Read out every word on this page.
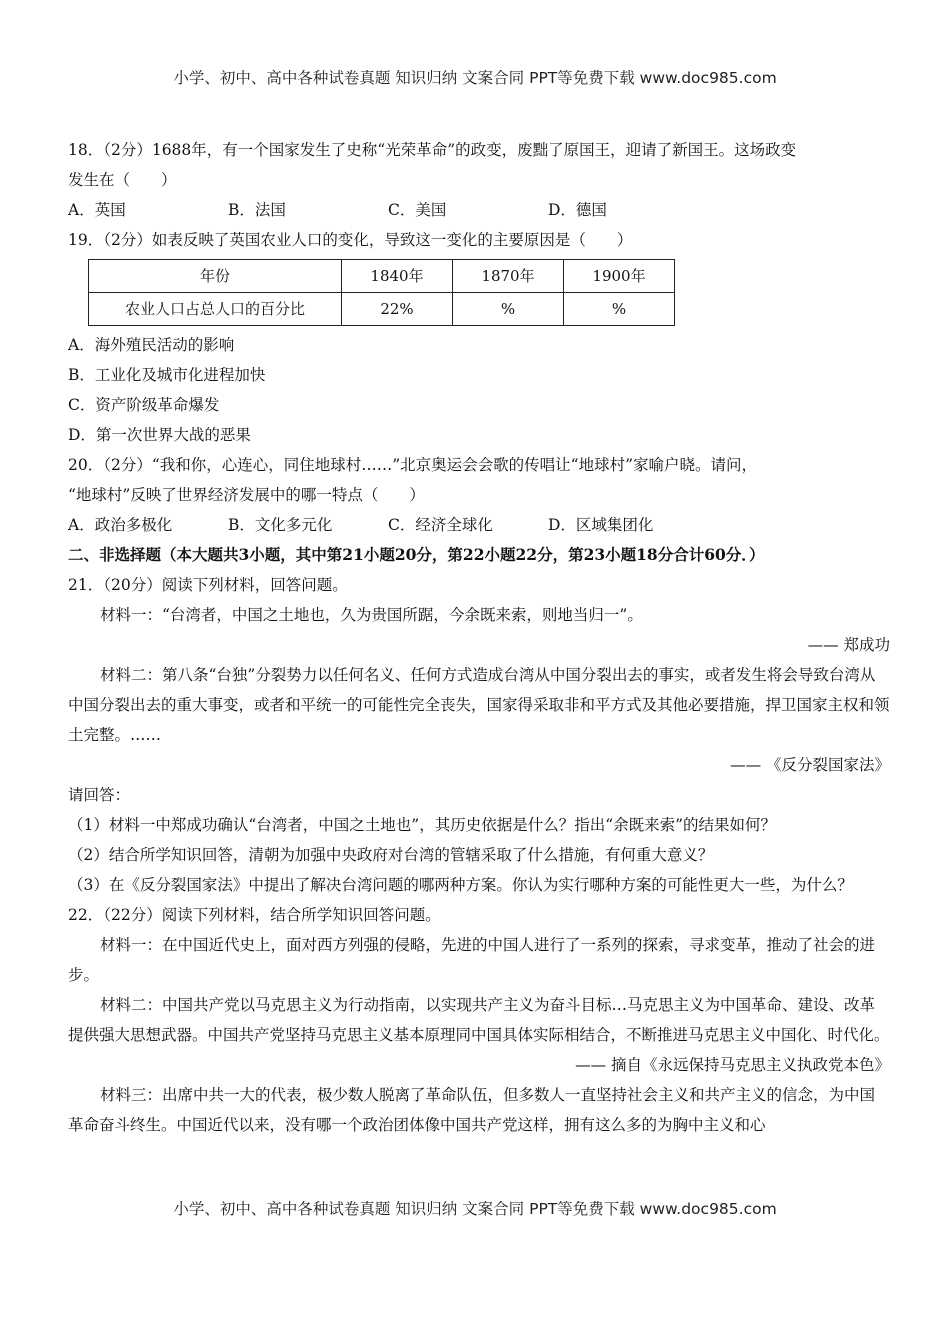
小学、初中、高中各种试卷真题 知识归纳 文案合同 PPT等免费下载 www.doc985.com
18．（2分）1688年，有一个国家发生了史称“光荣革命”的政变，废黜了原国王，迎请了新国王。这场政变
发生在（　　）
A．英国	B．法国	C．美国	D．德国
19．（2分）如表反映了英国农业人口的变化，导致这一变化的主要原因是（　　）
年份	1840年	1870年	1900年
农业人口占总人口的百分比	22%	%	%
A．海外殖民活动的影响
B．工业化及城市化进程加快
C．资产阶级革命爆发
D．第一次世界大战的恶果
20．（2分）“我和你，心连心，同住地球村……”北京奥运会会歌的传唱让“地球村”家喻户晓。请问，
“地球村”反映了世界经济发展中的哪一特点（　　）
A．政治多极化	B．文化多元化	C．经济全球化	D．区域集团化
二、非选择题（本大题共3小题，其中第21小题20分，第22小题22分，第23小题18分合计60分．）
21．（20分）阅读下列材料，回答问题。
材料一：“台湾者，中国之土地也，久为贵国所踞，今余既来索，则地当归一”。
—— 郑成功
材料二：第八条“台独”分裂势力以任何名义、任何方式造成台湾从中国分裂出去的事实，或者发生将会导致台湾从中国分裂出去的重大事变，或者和平统一的可能性完全丧失，国家得采取非和平方式及其他必要措施，捍卫国家主权和领土完整。……
—— 《反分裂国家法》
请回答：
（1）材料一中郑成功确认“台湾者，中国之土地也”，其历史依据是什么？指出“余既来索”的结果如何？
（2）结合所学知识回答，清朝为加强中央政府对台湾的管辖采取了什么措施，有何重大意义？
（3）在《反分裂国家法》中提出了解决台湾问题的哪两种方案。你认为实行哪种方案的可能性更大一些，为什么？
22．（22分）阅读下列材料，结合所学知识回答问题。
材料一：在中国近代史上，面对西方列强的侵略，先进的中国人进行了一系列的探索，寻求变革，推动了社会的进步。
材料二：中国共产党以马克思主义为行动指南，以实现共产主义为奋斗目标…马克思主义为中国革命、建设、改革提供强大思想武器。中国共产党坚持马克思主义基本原理同中国具体实际相结合，不断推进马克思主义中国化、时代化。
—— 摘自《永远保持马克思主义执政党本色》
材料三：出席中共一大的代表，极少数人脱离了革命队伍，但多数人一直坚持社会主义和共产主义的信念，为中国革命奋斗终生。中国近代以来，没有哪一个政治团体像中国共产党这样，拥有这么多的为胸中主义和心
小学、初中、高中各种试卷真题 知识归纳 文案合同 PPT等免费下载 www.doc985.com
